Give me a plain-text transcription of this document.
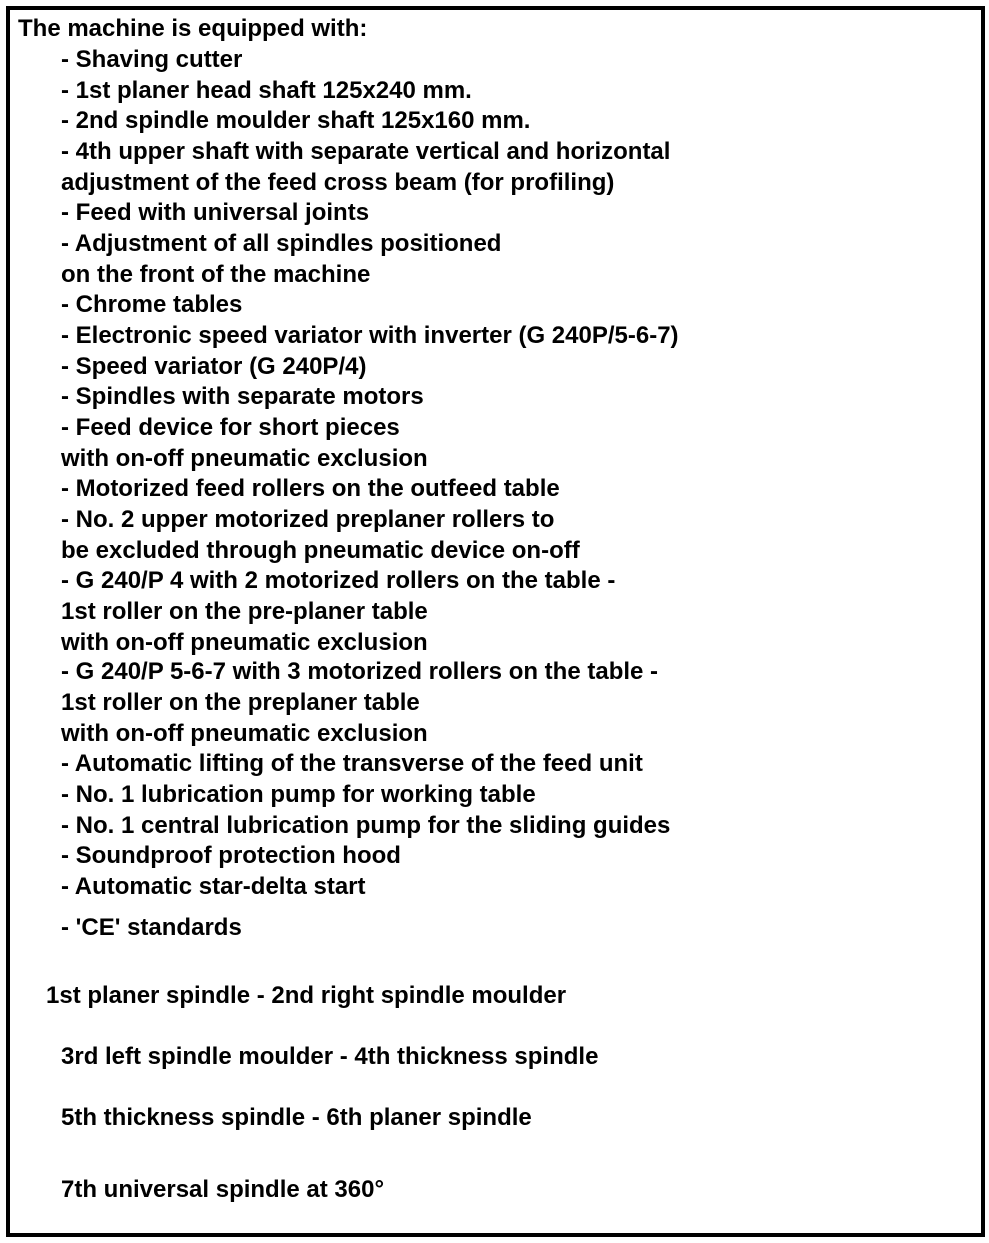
The machine is equipped with:
- Shaving cutter
- 1st planer head shaft 125x240 mm.
- 2nd spindle moulder shaft 125x160 mm.
- 4th upper shaft with separate vertical and horizontal
adjustment of the feed cross beam (for profiling)
- Feed with universal joints
- Adjustment of all spindles positioned
on the front of the machine
- Chrome tables
- Electronic speed variator with inverter (G 240P/5-6-7)
- Speed variator (G 240P/4)
- Spindles with separate motors
- Feed device for short pieces
with on-off pneumatic exclusion
- Motorized feed rollers on the outfeed table
- No. 2 upper motorized preplaner rollers to
be excluded through pneumatic device on-off
- G 240/P 4 with 2 motorized rollers on the table -
1st roller on the pre-planer table
with on-off pneumatic exclusion
- G 240/P 5-6-7 with 3 motorized rollers on the table -
1st roller on the preplaner table
with on-off pneumatic exclusion
- Automatic lifting of the transverse of the feed unit
- No. 1 lubrication pump for working table
- No. 1 central lubrication pump for the sliding guides
- Soundproof protection hood
- Automatic star-delta start
- 'CE' standards
1st planer spindle - 2nd right spindle moulder
3rd left spindle moulder - 4th thickness spindle
5th thickness spindle - 6th planer spindle
7th universal spindle at 360°
